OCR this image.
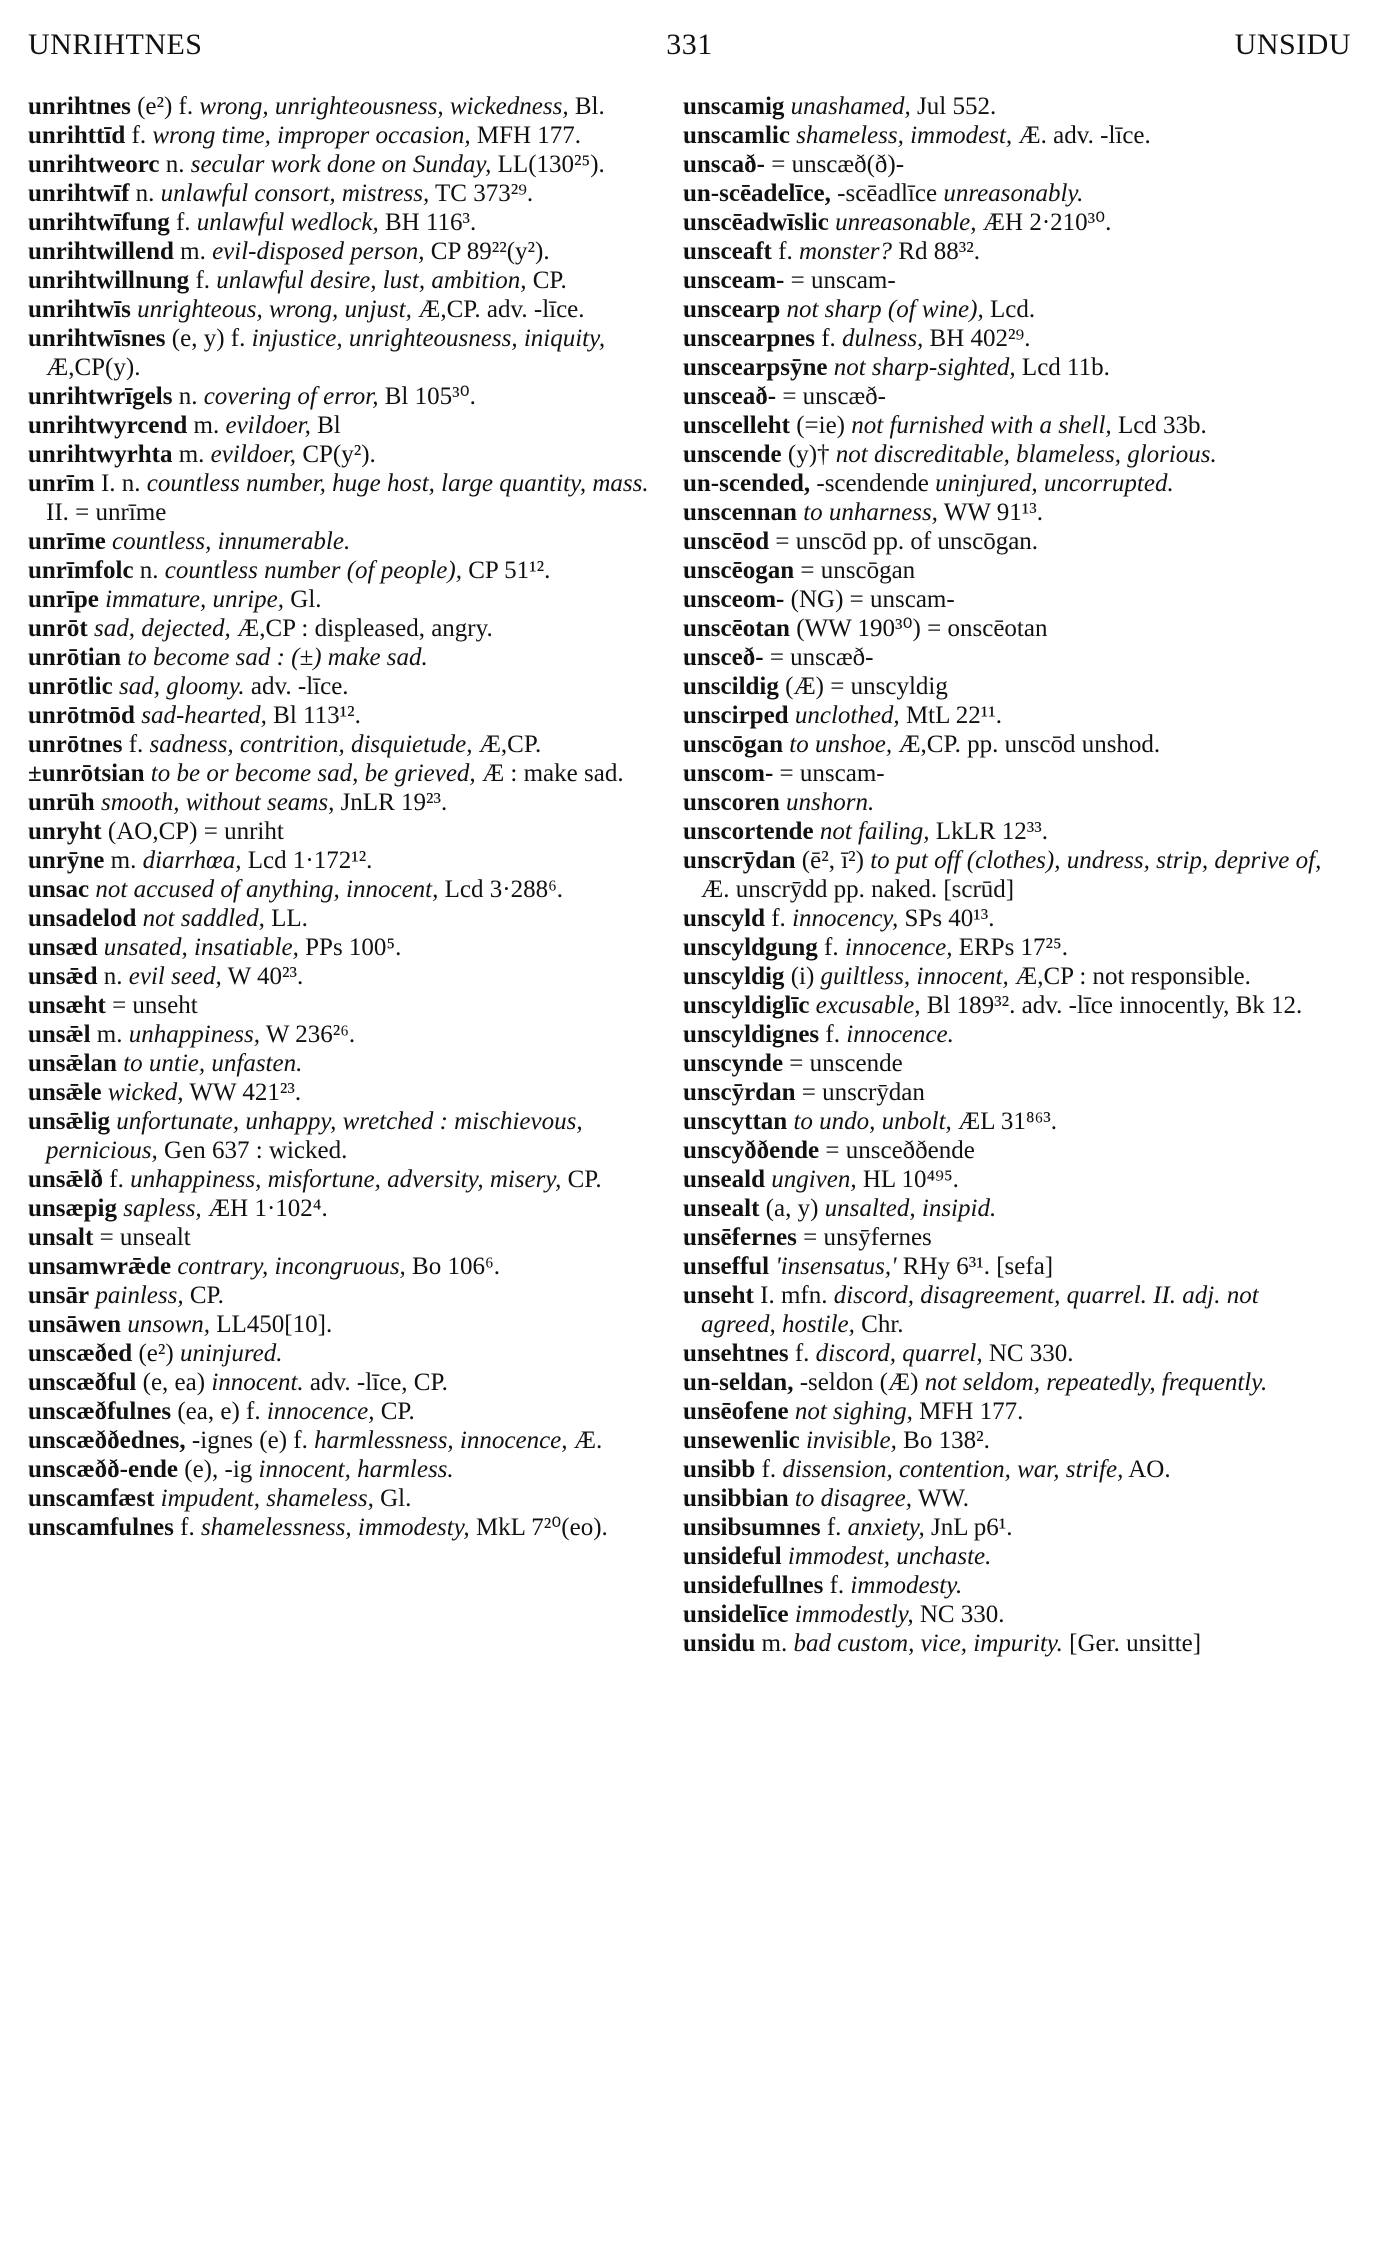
UNRIHTNES	331	UNSIDU
unrihtnes (e²) f. wrong, unrighteousness, wickedness, Bl.
unrihttīd f. wrong time, improper occasion, MFH 177.
unrihtweorc n. secular work done on Sunday, LL(130²⁵).
unrihtwīf n. unlawful consort, mistress, TC 373²⁹.
unrihtwīfung f. unlawful wedlock, BH 116³.
unrihtwillend m. evil-disposed person, CP 89²²(y²).
unrihtwillnung f. unlawful desire, lust, ambition, CP.
unrihtwīs unrighteous, wrong, unjust, Æ,CP. adv. -līce.
unrihtwīsnes (e, y) f. injustice, unrighteousness, iniquity, Æ,CP(y).
unrihtwrīgels n. covering of error, Bl 105³⁰.
unrihtwyrcend m. evildoer, Bl
unrihtwyrhta m. evildoer, CP(y²).
unrīm I. n. countless number, huge host, large quantity, mass. II. = unrīme
unrīme countless, innumerable.
unrīmfolc n. countless number (of people), CP 51¹².
unrīpe immature, unripe, Gl.
unrōt sad, dejected, Æ,CP : displeased, angry.
unrōtian to become sad : (±) make sad.
unrōtlic sad, gloomy. adv. -līce.
unrōtmōd sad-hearted, Bl 113¹².
unrōtnes f. sadness, contrition, disquietude, Æ,CP.
±unrōtsian to be or become sad, be grieved, Æ : make sad.
unrūh smooth, without seams, JnLR 19²³.
unryht (AO,CP) = unriht
unrȳne m. diarrhœa, Lcd 1·172¹².
unsac not accused of anything, innocent, Lcd 3·288⁶.
unsadelod not saddled, LL.
unsæd unsated, insatiable, PPs 100⁵.
unsǣd n. evil seed, W 40²³.
unsæht = unseht
unsǣl m. unhappiness, W 236²⁶.
unsǣlan to untie, unfasten.
unsǣle wicked, WW 421²³.
unsǣlig unfortunate, unhappy, wretched : mischievous, pernicious, Gen 637 : wicked.
unsǣlð f. unhappiness, misfortune, adversity, misery, CP.
unsæpig sapless, ÆH 1·102⁴.
unsalt = unsealt
unsamwrǣde contrary, incongruous, Bo 106⁶.
unsār painless, CP.
unsāwen unsown, LL450[10].
unscæðed (e²) uninjured.
unscæðful (e, ea) innocent. adv. -līce, CP.
unscæðfulnes (ea, e) f. innocence, CP.
unscæððednes, -ignes (e) f. harmlessness, innocence, Æ.
unscæðð-ende (e), -ig innocent, harmless.
unscamfæst impudent, shameless, Gl.
unscamfulnes f. shamelessness, immodesty, MkL 7²⁰(eo).
unscamig unashamed, Jul 552.
unscamlic shameless, immodest, Æ. adv. -līce.
unscað- = unscæð(ð)-
un-scēadelīce, -scēadlīce unreasonably.
unscēadwīslic unreasonable, ÆH 2·210³⁰.
unsceaft f. monster? Rd 88³².
unsceam- = unscam-
unscearp not sharp (of wine), Lcd.
unscearpnes f. dulness, BH 402²⁹.
unscearpsȳne not sharp-sighted, Lcd 11b.
unsceað- = unscæð-
unscelleht (=ie) not furnished with a shell, Lcd 33b.
unscende (y)† not discreditable, blameless, glorious.
un-scended, -scendende uninjured, uncorrupted.
unscennan to unharness, WW 91¹³.
unscēod = unscōd pp. of unscōgan.
unscēogan = unscōgan
unsceom- (NG) = unscam-
unscēotan (WW 190³⁰) = onscēotan
unsceð- = unscæð-
unscildig (Æ) = unscyldig
unscirped unclothed, MtL 22¹¹.
unscōgan to unshoe, Æ,CP. pp. unscōd unshod.
unscom- = unscam-
unscoren unshorn.
unscortende not failing, LkLR 12³³.
unscrȳdan (ē², ī²) to put off (clothes), undress, strip, deprive of, Æ. unscrȳdd pp. naked. [scrūd]
unscyld f. innocency, SPs 40¹³.
unscyldgung f. innocence, ERPs 17²⁵.
unscyldig (i) guiltless, innocent, Æ,CP : not responsible.
unscyldiglīc excusable, Bl 189³². adv. -līce innocently, Bk 12.
unscyldignes f. innocence.
unscynde = unscende
unscȳrdan = unscrȳdan
unscyttan to undo, unbolt, ÆL 31⁸⁶³.
unscyððende = unsceððende
unseald ungiven, HL 10⁴⁹⁵.
unsealt (a, y) unsalted, insipid.
unsēfernes = unsȳfernes
unsefful 'insensatus,' RHy 6³¹. [sefa]
unseht I. mfn. discord, disagreement, quarrel. II. adj. not agreed, hostile, Chr.
unsehtnes f. discord, quarrel, NC 330.
un-seldan, -seldon (Æ) not seldom, repeatedly, frequently.
unsēofene not sighing, MFH 177.
unsewenlic invisible, Bo 138².
unsibb f. dissension, contention, war, strife, AO.
unsibbian to disagree, WW.
unsibsumnes f. anxiety, JnL p6¹.
unsideful immodest, unchaste.
unsidefullnes f. immodesty.
unsidelīce immodestly, NC 330.
unsidu m. bad custom, vice, impurity. [Ger. unsitte]
